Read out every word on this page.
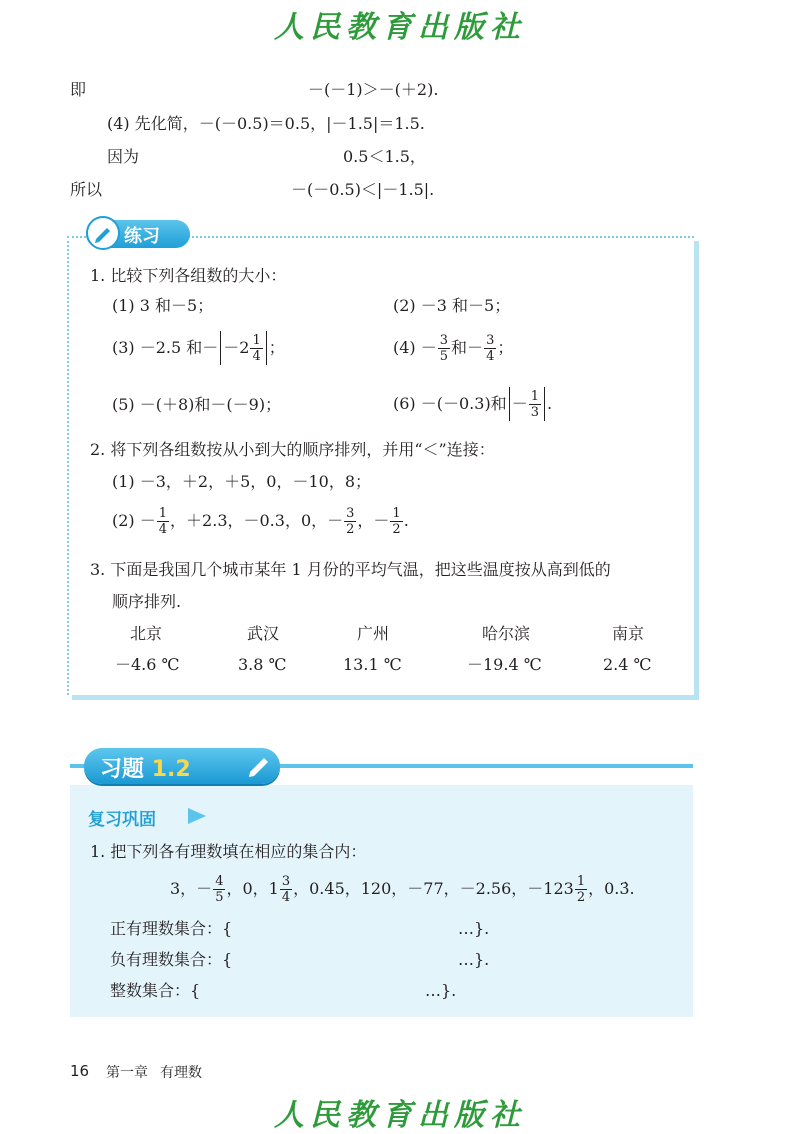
人民教育出版社
即	－(－1)＞－(＋2).
(4) 先化简，－(－0.5)＝0.5，|－1.5|＝1.5.
因为	0.5＜1.5，
所以	－(－0.5)＜|－1.5|.
练习
1. 比较下列各组数的大小：
(1) 3 和－5；	(2) －3 和－5；
(3) －2.5 和－ $-2 \frac{1}{4}$ ；	$(4) - \frac{3}{5}$ 和－ $\frac{3}{4}$ ；
(5) －(＋8)和－(－9)；	(6) －(－0.3)和 － $\frac{1}{3}$ .
2. 将下列各组数按从小到大的顺序排列，并用“＜”连接：
(1) －3，＋2，＋5，0，－10，8；
$(2) - \frac{1}{4}$ ，＋2.3，－0.3，0，－ $\frac{3}{2}$ ，－ $\frac{1}{2}$ .
3. 下面是我国几个城市某年 1 月份的平均气温，把这些温度按从高到低的
顺序排列.
北京	武汉	广州	哈尔滨	南京
－4.6 ℃	3.8 ℃	13.1 ℃	－19.4 ℃	2.4 ℃
习题 1.2
复习巩固
1. 把下列各有理数填在相应的集合内：
3，－ $\frac{4}{5}$ ，0，$1 \frac{3}{4}$ ，0.45，120，－77，－2.56，$-123 \frac{1}{2}$ ，0.3̇.
正有理数集合：{	…}.
负有理数集合：{	…}.
整数集合：{	…}.
16 第一章 有理数
人民教育出版社
